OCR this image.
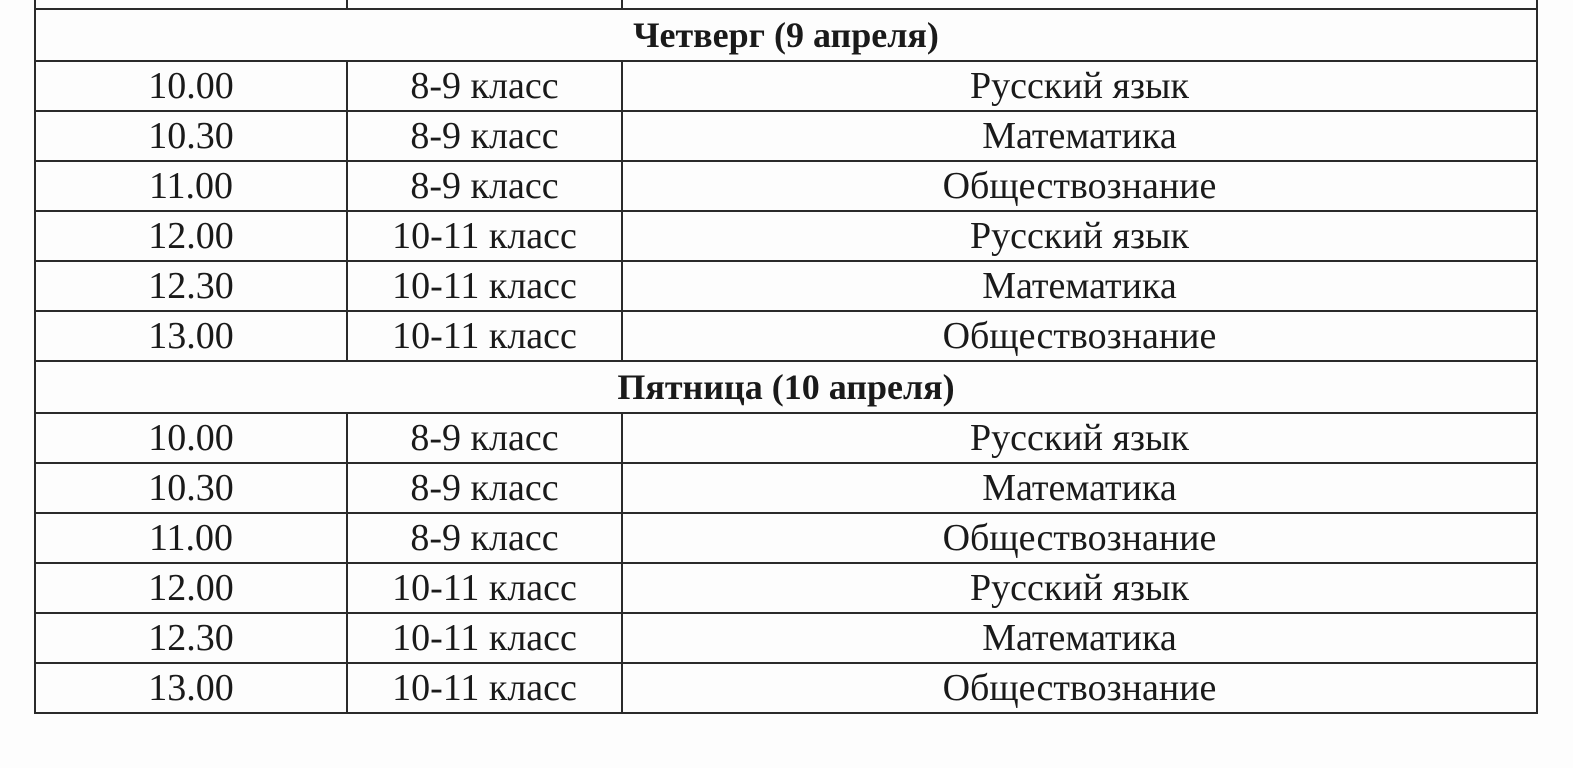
Четверг (9 апреля)		
10.00	8-9 класс	Русский язык
10.30	8-9 класс	Математика
11.00	8-9 класс	Обществознание
12.00	10-11 класс	Русский язык
12.30	10-11 класс	Математика
13.00	10-11 класс	Обществознание
Пятница (10 апреля)		
10.00	8-9 класс	Русский язык
10.30	8-9 класс	Математика
11.00	8-9 класс	Обществознание
12.00	10-11 класс	Русский язык
12.30	10-11 класс	Математика
13.00	10-11 класс	Обществознание
